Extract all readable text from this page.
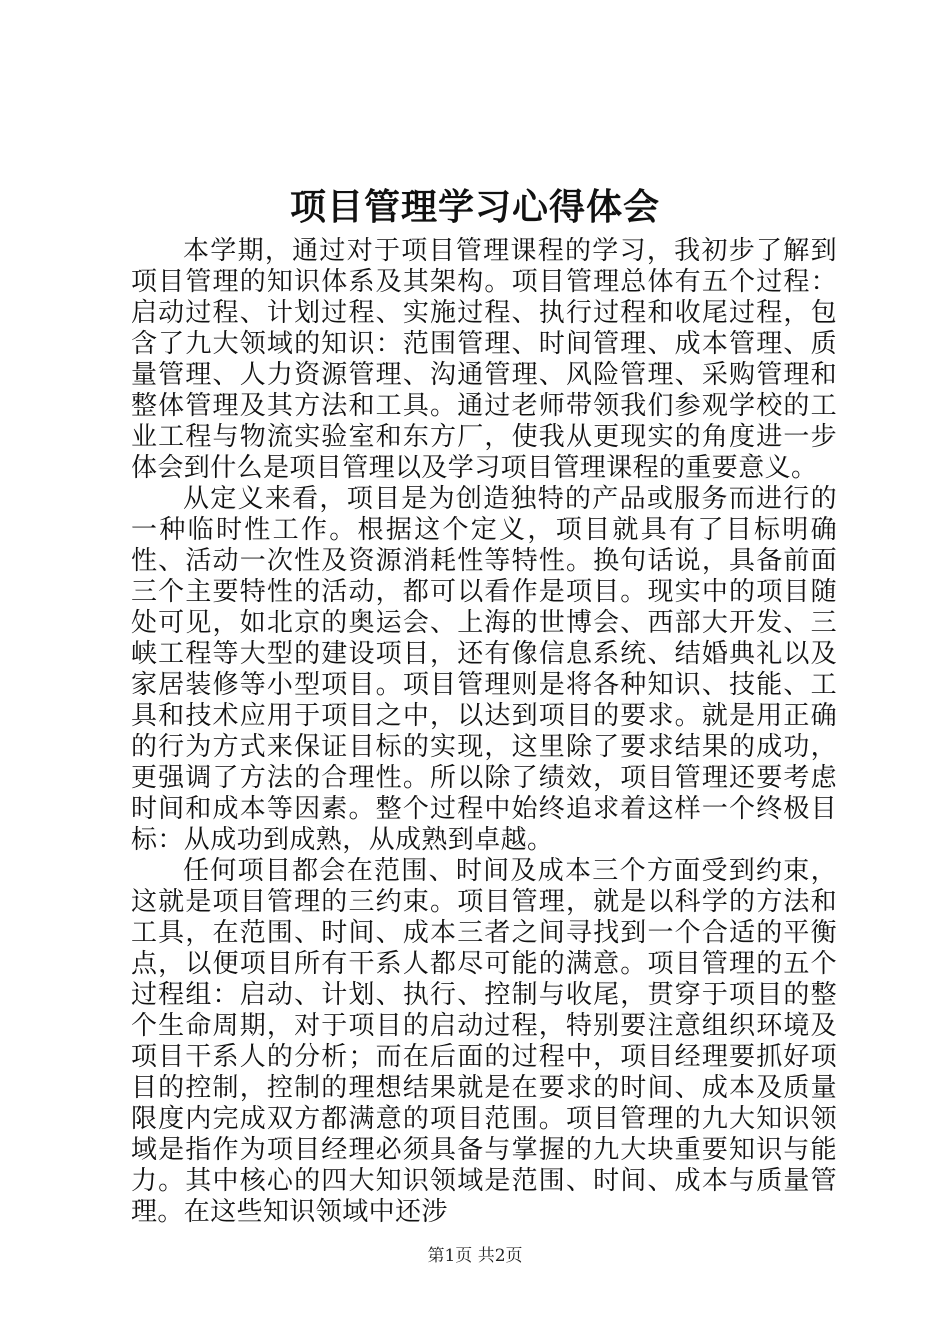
项目管理学习心得体会

本学期，通过对于项目管理课程的学习，我初步了解到项目管理的知识体系及其架构。项目管理总体有五个过程：启动过程、计划过程、实施过程、执行过程和收尾过程，包含了九大领域的知识：范围管理、时间管理、成本管理、质量管理、人力资源管理、沟通管理、风险管理、采购管理和整体管理及其方法和工具。通过老师带领我们参观学校的工业工程与物流实验室和东方厂，使我从更现实的角度进一步体会到什么是项目管理以及学习项目管理课程的重要意义。

从定义来看，项目是为创造独特的产品或服务而进行的一种临时性工作。根据这个定义，项目就具有了目标明确性、活动一次性及资源消耗性等特性。换句话说，具备前面三个主要特性的活动，都可以看作是项目。现实中的项目随处可见，如北京的奥运会、上海的世博会、西部大开发、三峡工程等大型的建设项目，还有像信息系统、结婚典礼以及家居装修等小型项目。项目管理则是将各种知识、技能、工具和技术应用于项目之中，以达到项目的要求。就是用正确的行为方式来保证目标的实现，这里除了要求结果的成功，更强调了方法的合理性。所以除了绩效，项目管理还要考虑时间和成本等因素。整个过程中始终追求着这样一个终极目标：从成功到成熟，从成熟到卓越。

任何项目都会在范围、时间及成本三个方面受到约束，这就是项目管理的三约束。项目管理，就是以科学的方法和工具，在范围、时间、成本三者之间寻找到一个合适的平衡点，以便项目所有干系人都尽可能的满意。项目管理的五个过程组：启动、计划、执行、控制与收尾，贯穿于项目的整个生命周期，对于项目的启动过程，特别要注意组织环境及项目干系人的分析；而在后面的过程中，项目经理要抓好项目的控制，控制的理想结果就是在要求的时间、成本及质量限度内完成双方都满意的项目范围。项目管理的九大知识领域是指作为项目经理必须具备与掌握的九大块重要知识与能力。其中核心的四大知识领域是范围、时间、成本与质量管理。在这些知识领域中还涉

第1页 共2页
